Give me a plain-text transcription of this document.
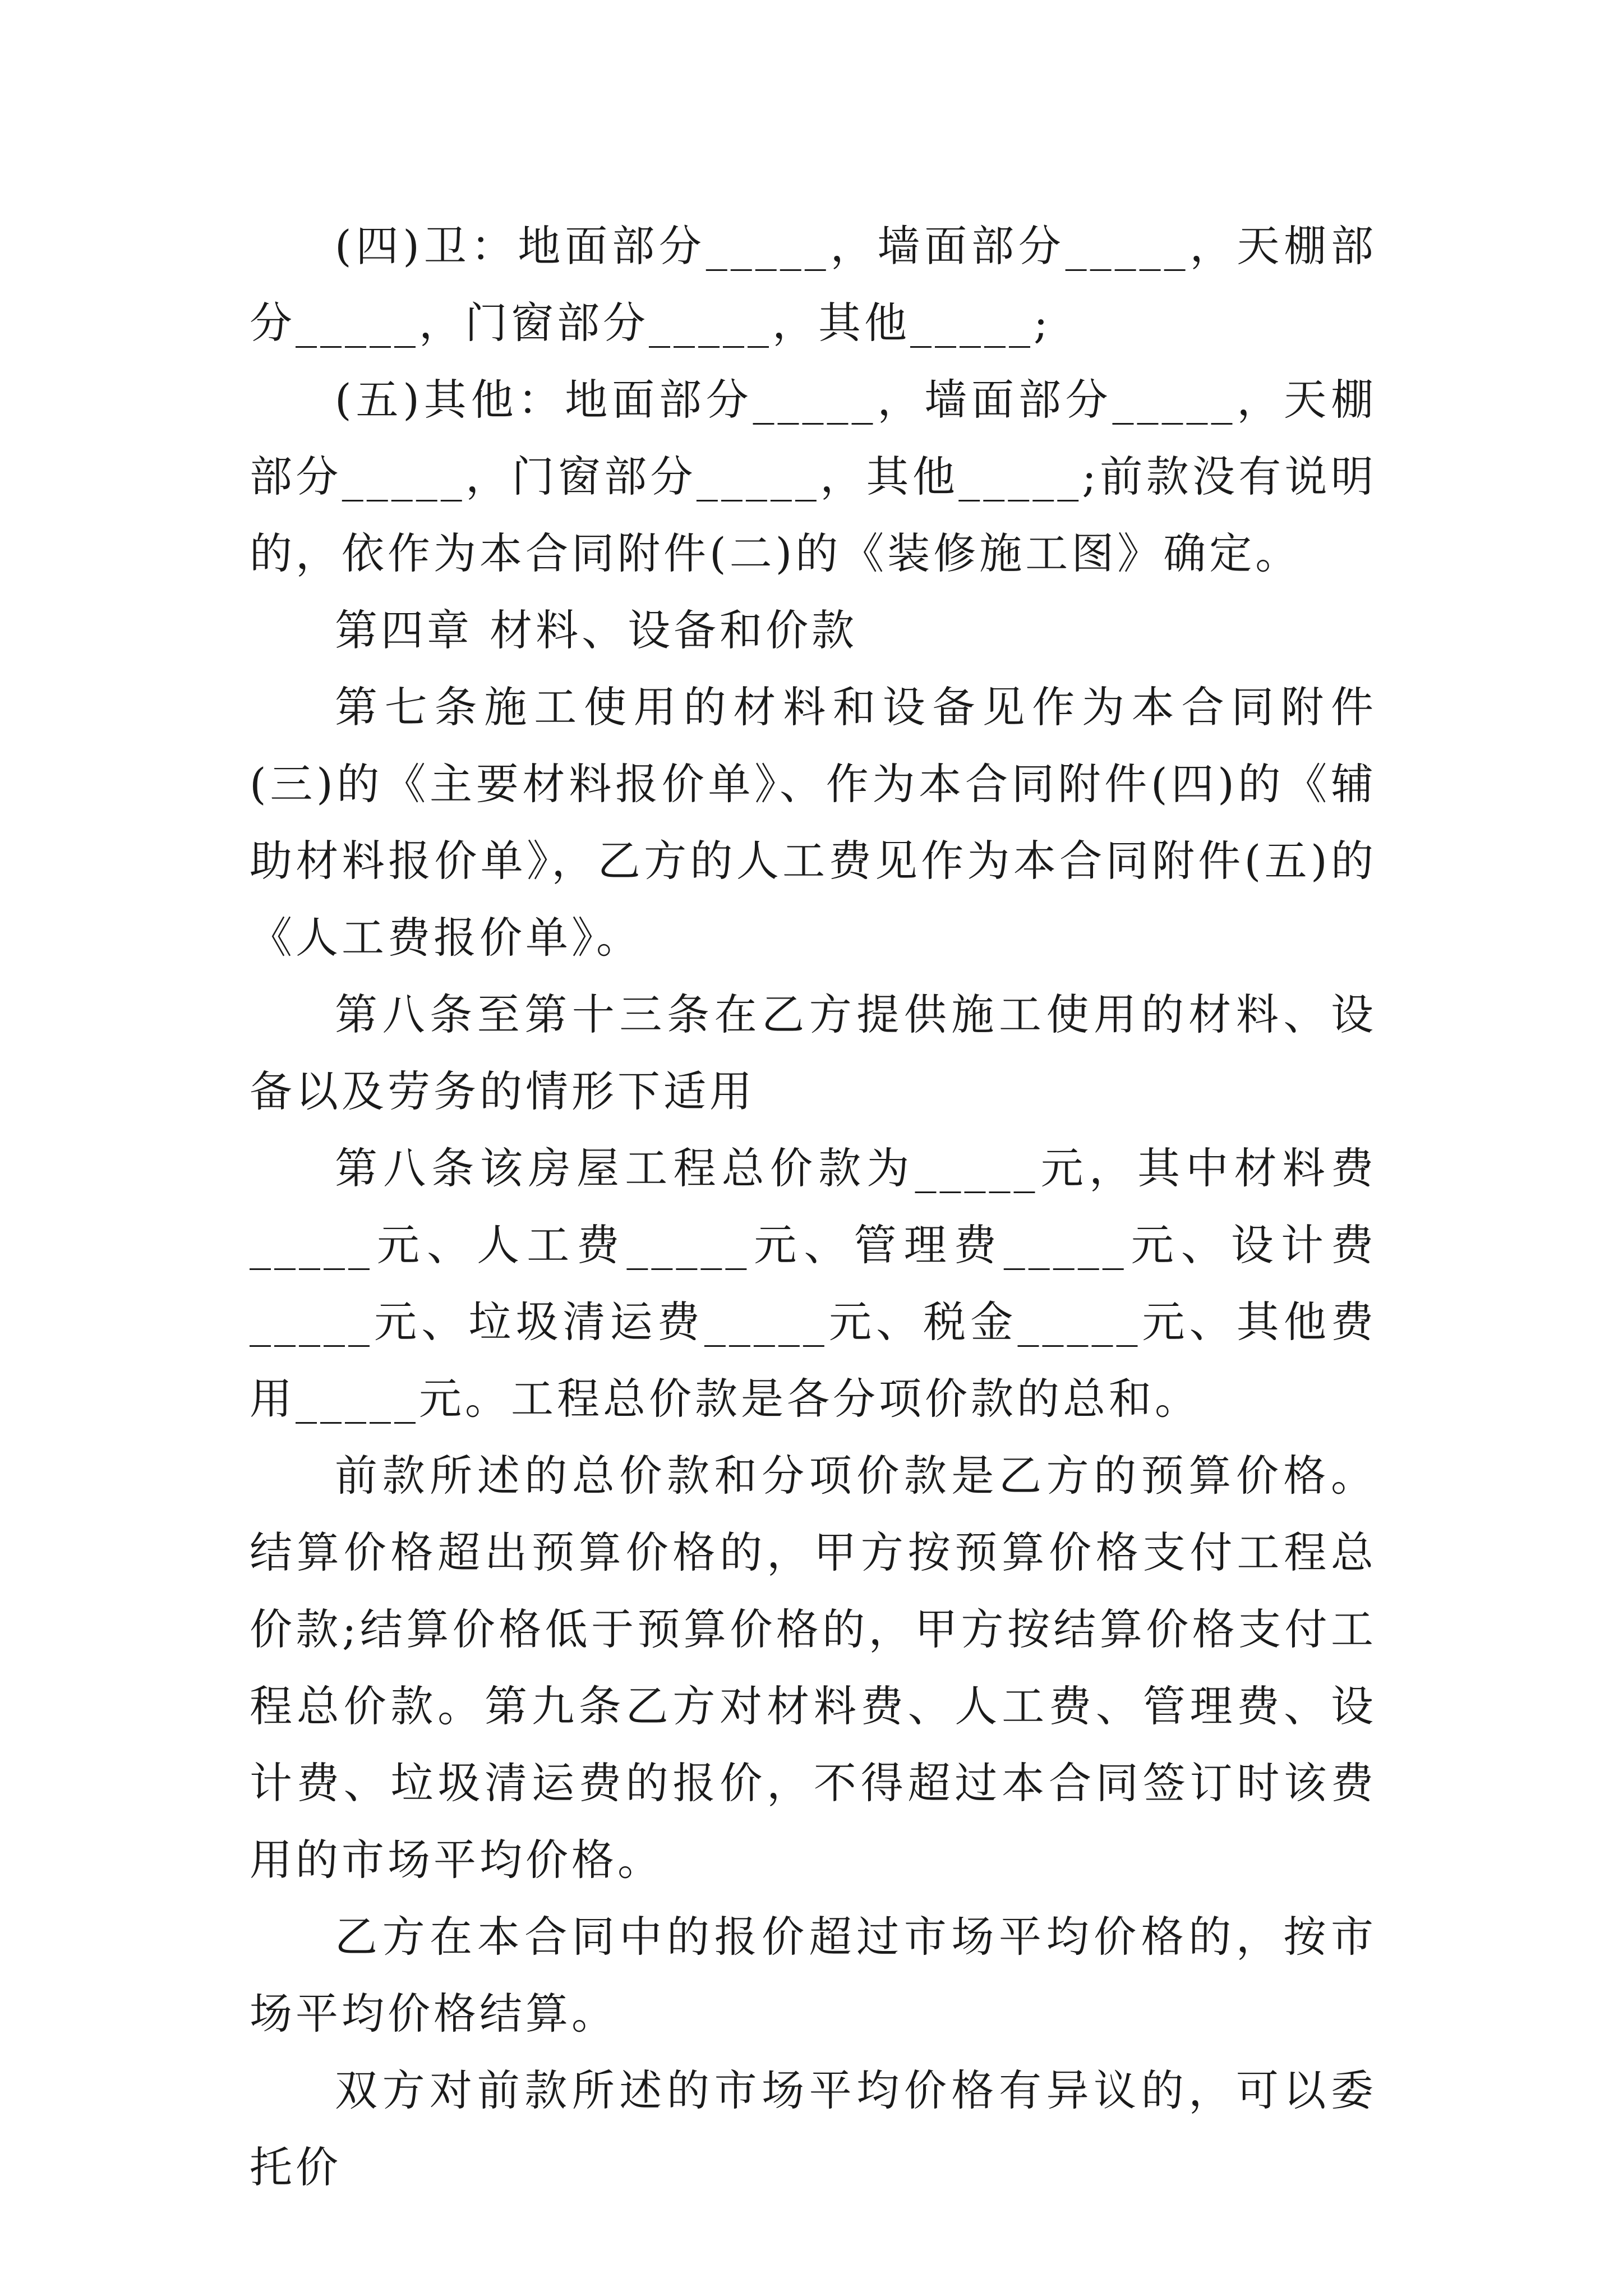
(四)卫：地面部分_____，墙面部分_____，天棚部分_____，门窗部分_____，其他_____;

(五)其他：地面部分_____，墙面部分_____，天棚部分_____，门窗部分_____，其他_____;前款没有说明的，依作为本合同附件(二)的《装修施工图》确定。

第四章 材料、设备和价款

第七条施工使用的材料和设备见作为本合同附件(三)的《主要材料报价单》、作为本合同附件(四)的《辅助材料报价单》，乙方的人工费见作为本合同附件(五)的《人工费报价单》。

第八条至第十三条在乙方提供施工使用的材料、设备以及劳务的情形下适用

第八条该房屋工程总价款为_____元，其中材料费_____元、人工费_____元、管理费_____元、设计费_____元、垃圾清运费_____元、税金_____元、其他费用_____元。工程总价款是各分项价款的总和。

前款所述的总价款和分项价款是乙方的预算价格。结算价格超出预算价格的，甲方按预算价格支付工程总价款;结算价格低于预算价格的，甲方按结算价格支付工程总价款。第九条乙方对材料费、人工费、管理费、设计费、垃圾清运费的报价，不得超过本合同签订时该费用的市场平均价格。

乙方在本合同中的报价超过市场平均价格的，按市场平均价格结算。

双方对前款所述的市场平均价格有异议的，可以委托价
